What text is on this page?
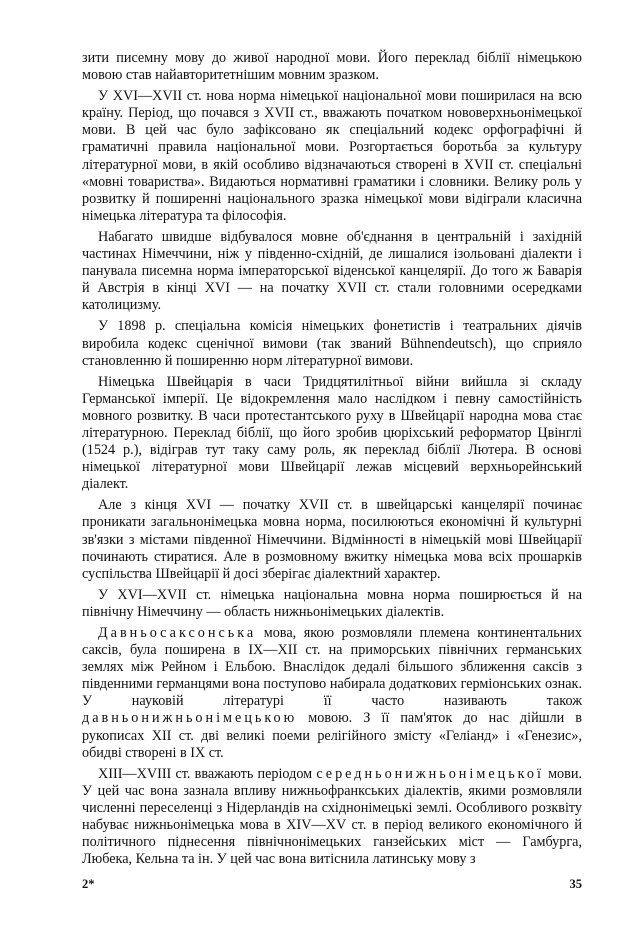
зити писемну мову до живої народної мови. Його переклад біблії німецькою мовою став найавторитетнішим мовним зразком.

У XVI—XVII ст. нова норма німецької національної мови поширилася на всю країну. Період, що почався з XVII ст., вважають початком нововерхньонімецької мови. В цей час було зафіксовано як спеціальний кодекс орфографічні й граматичні правила національної мови. Розгортається боротьба за культуру літературної мови, в якій особливо відзначаються створені в XVII ст. спеціальні «мовні товариства». Видаються нормативні граматики і словники. Велику роль у розвитку й поширенні національного зразка німецької мови відіграли класична німецька література та філософія.

Набагато швидше відбувалося мовне об'єднання в центральній і західній частинах Німеччини, ніж у південно-східній, де лишалися ізольовані діалекти і панувала писемна норма імператорської віденської канцелярії. До того ж Баварія й Австрія в кінці XVI — на початку XVII ст. стали головними осередками католицизму.

У 1898 р. спеціальна комісія німецьких фонетистів і театральних діячів виробила кодекс сценічної вимови (так званий Bühnendeutsch), що сприяло становленню й поширенню норм літературної вимови.

Німецька Швейцарія в часи Тридцятилітньої війни вийшла зі складу Германської імперії. Це відокремлення мало наслідком і певну самостійність мовного розвитку. В часи протестантського руху в Швейцарії народна мова стає літературною. Переклад біблії, що його зробив цюріхський реформатор Цвінглі (1524 р.), відіграв тут таку саму роль, як переклад біблії Лютера. В основі німецької літературної мови Швейцарії лежав місцевий верхньорейнський діалект.

Але з кінця XVI — початку XVII ст. в швейцарські канцелярії починає проникати загальнонімецька мовна норма, посилюються економічні й культурні зв'язки з містами південної Німеччини. Відмінності в німецькій мові Швейцарії починають стиратися. Але в розмовному вжитку німецька мова всіх прошарків суспільства Швейцарії й досі зберігає діалектний характер.

У XVI—XVII ст. німецька національна мовна норма поширюється й на північну Німеччину — область нижньонімецьких діалектів.

Давньосаксонська мова, якою розмовляли племена континентальних саксів, була поширена в IX—XII ст. на приморських північних германських землях між Рейном і Ельбою. Внаслідок дедалі більшого зближення саксів з південними германцями вона поступово набирала додаткових герміонських ознак. У науковій літературі її часто називають також давньонижньонімецькою мовою. З її пам'яток до нас дійшли в рукописах XII ст. дві великі поеми релігійного змісту «Геліанд» і «Генезис», обидві створені в IX ст.

XIII—XVIII ст. вважають періодом середньонижньонімецької мови. У цей час вона зазнала впливу нижньофранкських діалектів, якими розмовляли численні переселенці з Нідерландів на східнонімецькі землі. Особливого розквіту набуває нижньонімецька мова в XIV—XV ст. в період великого економічного й політичного піднесення північнонімецьких ганзейських міст — Гамбурга, Любека, Кельна та ін. У цей час вона витіснила латинську мову з

2*	35
